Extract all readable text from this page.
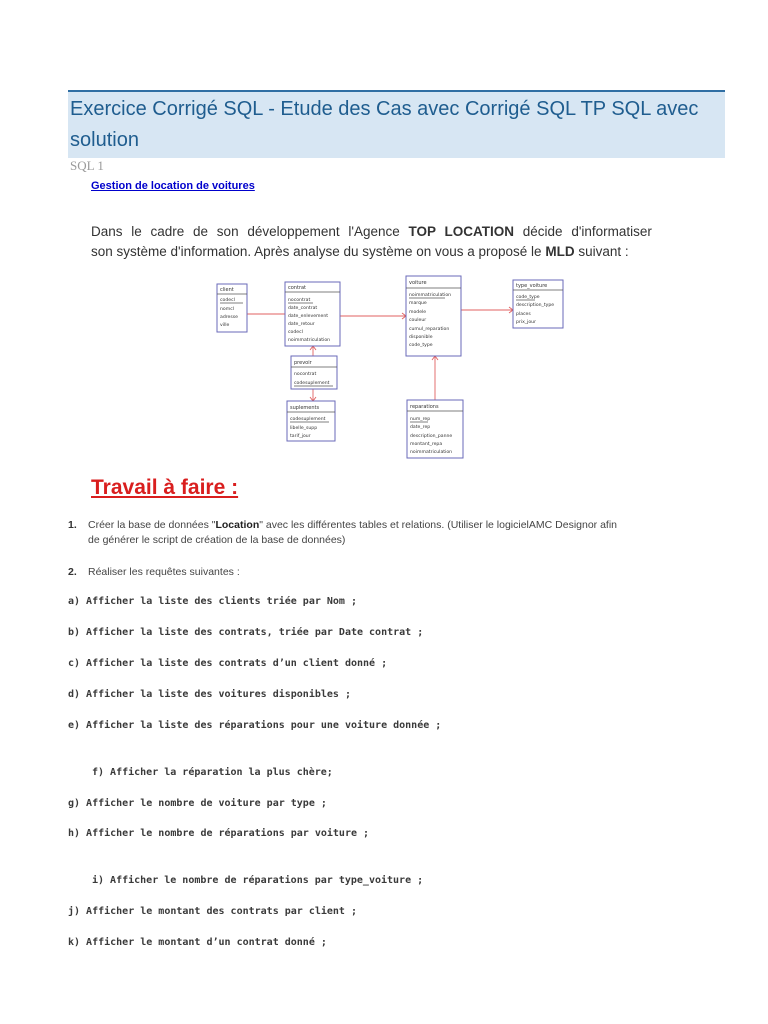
Exercice Corrigé SQL - Etude des Cas avec Corrigé SQL TP SQL avec solution
SQL 1
Gestion de location de voitures

Dans le cadre de son développement l'Agence TOP LOCATION décide d'informatiser

son système d'information. Après analyse du système on vous a proposé le MLD suivant :

client
codecl
nomcl
adresse
ville
contrat
nocontrat
date_contrat
date_enlevement
date_retour
codecl
noimmatriculation
voiture
noimmatriculation
marque
modele
couleur
cumul_reparation
disponible
code_type
type_voiture
code_type
description_type
places
prix_jour
prevoir
nocontrat
codesuplement
suplements
codesuplement
libelle_supp
tarif_jour
reparations
num_rep
date_rep
description_panne
montant_repa
noimmatriculation
Travail à faire :
1. Créer la base de données "Location" avec les différentes tables et relations. (Utiliser le logicielAMC Designor afin
de générer le script de création de la base de données)
2. Réaliser les requêtes suivantes :
a) Afficher la liste des clients triée par Nom ;
b) Afficher la liste des contrats, triée par Date contrat ;
c) Afficher la liste des contrats d’un client donné ;
d) Afficher la liste des voitures disponibles ;
e) Afficher la liste des réparations pour une voiture donnée ;
f) Afficher la réparation la plus chère;
g) Afficher le nombre de voiture par type ;
h) Afficher le nombre de réparations par voiture ;
i) Afficher le nombre de réparations par type_voiture ;
j) Afficher le montant des contrats par client ;
k) Afficher le montant d’un contrat donné ;
